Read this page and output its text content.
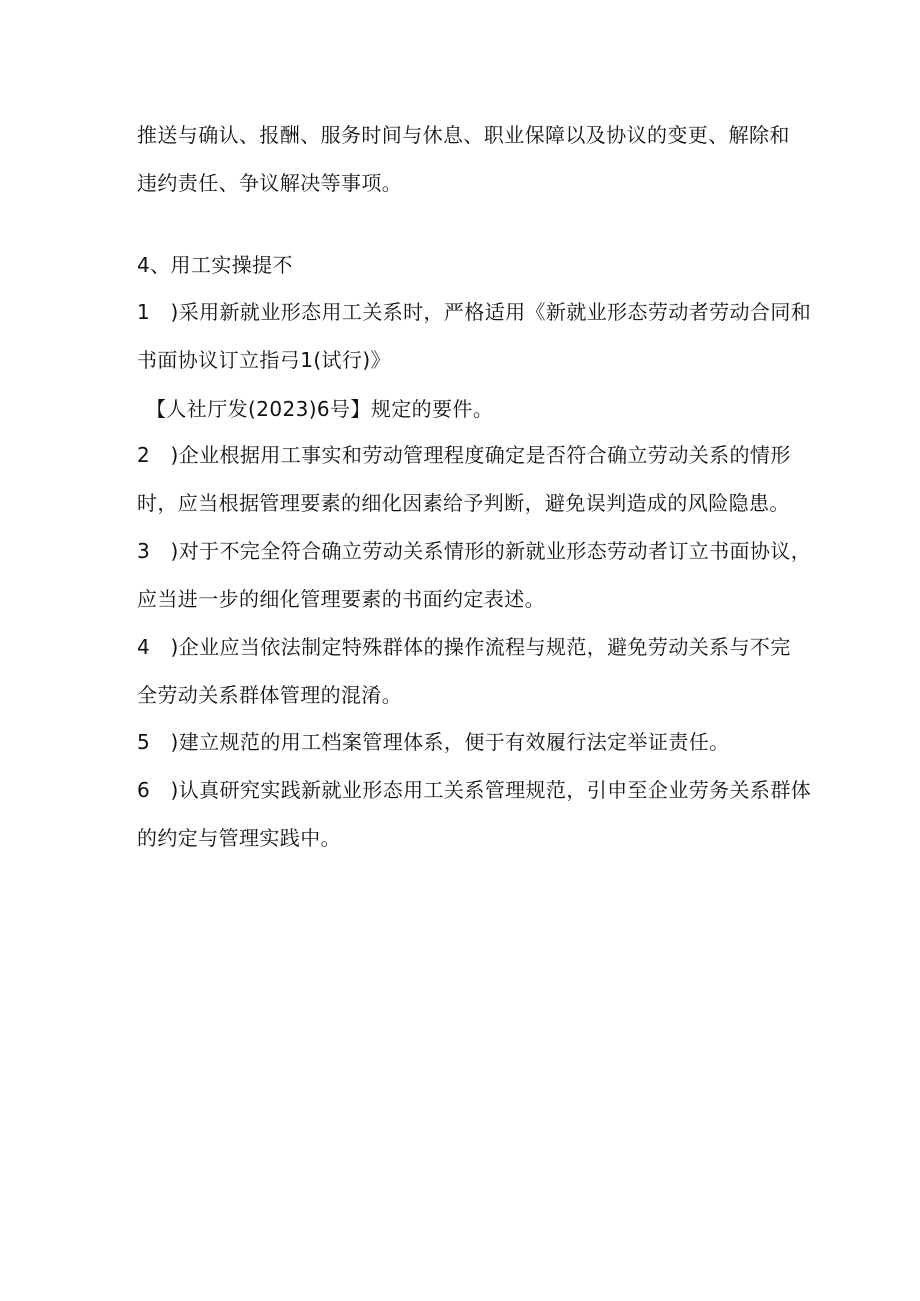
推送与确认、报酬、服务时间与休息、职业保障以及协议的变更、解除和
违约责任、争议解决等事项。
4、用工实操提不
1　)采用新就业形态用工关系时，严格适用《新就业形态劳动者劳动合同和
书面协议订立指弓1(试行)》
【人社厅发(2023)6号】规定的要件。
2　)企业根据用工事实和劳动管理程度确定是否符合确立劳动关系的情形
时，应当根据管理要素的细化因素给予判断，避免误判造成的风险隐患。
3　)对于不完全符合确立劳动关系情形的新就业形态劳动者订立书面协议，
应当进一步的细化管理要素的书面约定表述。
4　)企业应当依法制定特殊群体的操作流程与规范，避免劳动关系与不完
全劳动关系群体管理的混淆。
5　)建立规范的用工档案管理体系，便于有效履行法定举证责任。
6　)认真研究实践新就业形态用工关系管理规范，引申至企业劳务关系群体
的约定与管理实践中。
